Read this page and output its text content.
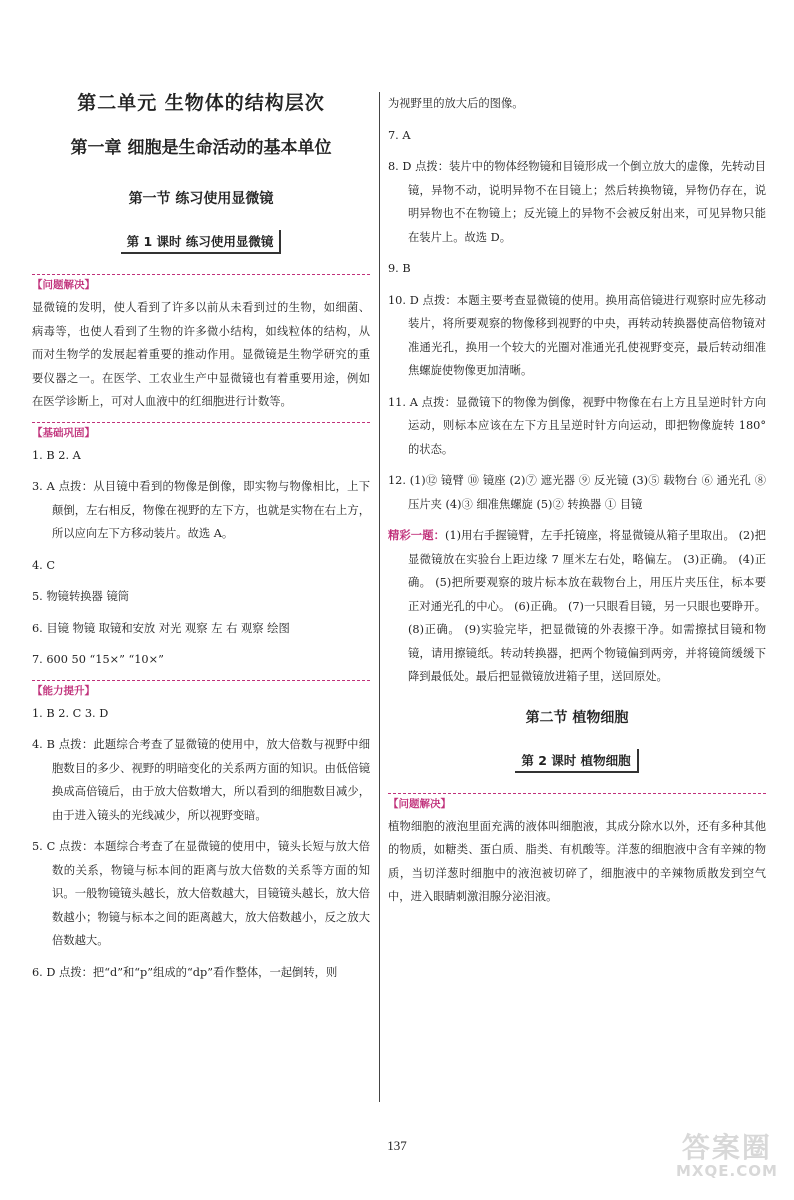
第二单元 生物体的结构层次
第一章 细胞是生命活动的基本单位
第一节 练习使用显微镜
第 1 课时 练习使用显微镜
【问题解决】

显微镜的发明，使人看到了许多以前从未看到过的生物，如细菌、病毒等，也使人看到了生物的许多微小结构，如线粒体的结构，从而对生物学的发展起着重要的推动作用。显微镜是生物学研究的重要仪器之一。在医学、工农业生产中显微镜也有着重要用途，例如在医学诊断上，可对人血液中的红细胞进行计数等。

【基础巩固】

1. B 2. A

3. A 点拨：从目镜中看到的物像是倒像，即实物与物像相比，上下颠倒，左右相反，物像在视野的左下方，也就是实物在右上方，所以应向左下方移动装片。故选 A。

4. C

5. 物镜转换器 镜筒

6. 目镜 物镜 取镜和安放 对光 观察 左 右 观察 绘图

7. 600 50 “15×” “10×”

【能力提升】

1. B 2. C 3. D

4. B 点拨：此题综合考查了显微镜的使用中，放大倍数与视野中细胞数目的多少、视野的明暗变化的关系两方面的知识。由低倍镜换成高倍镜后，由于放大倍数增大，所以看到的细胞数目减少，由于进入镜头的光线减少，所以视野变暗。

5. C 点拨：本题综合考查了在显微镜的使用中，镜头长短与放大倍数的关系，物镜与标本间的距离与放大倍数的关系等方面的知识。一般物镜镜头越长，放大倍数越大，目镜镜头越长，放大倍数越小；物镜与标本之间的距离越大，放大倍数越小，反之放大倍数越大。

6. D 点拨：把“d”和“p”组成的“dp”看作整体，一起倒转，则

为视野里的放大后的图像。

7. A

8. D 点拨：装片中的物体经物镜和目镜形成一个倒立放大的虚像，先转动目镜，异物不动，说明异物不在目镜上；然后转换物镜，异物仍存在，说明异物也不在物镜上；反光镜上的异物不会被反射出来，可见异物只能在装片上。故选 D。

9. B

10. D 点拨：本题主要考查显微镜的使用。换用高倍镜进行观察时应先移动装片，将所要观察的物像移到视野的中央，再转动转换器使高倍物镜对准通光孔，换用一个较大的光圈对准通光孔使视野变亮，最后转动细准焦螺旋使物像更加清晰。

11. A 点拨：显微镜下的物像为倒像，视野中物像在右上方且呈逆时针方向运动，则标本应该在左下方且呈逆时针方向运动，即把物像旋转 180° 的状态。

12. (1)⑫ 镜臂 ⑩ 镜座 (2)⑦ 遮光器 ⑨ 反光镜 (3)⑤ 载物台 ⑥ 通光孔 ⑧ 压片夹 (4)③ 细准焦螺旋 (5)② 转换器 ① 目镜

精彩一题：(1)用右手握镜臂，左手托镜座，将显微镜从箱子里取出。 (2)把显微镜放在实验台上距边缘 7 厘米左右处，略偏左。 (3)正确。 (4)正确。 (5)把所要观察的玻片标本放在载物台上，用压片夹压住，标本要正对通光孔的中心。 (6)正确。 (7)一只眼看目镜，另一只眼也要睁开。 (8)正确。 (9)实验完毕，把显微镜的外表擦干净。如需擦拭目镜和物镜，请用擦镜纸。转动转换器，把两个物镜偏到两旁，并将镜筒缓缓下降到最低处。最后把显微镜放进箱子里，送回原处。

第二节 植物细胞
第 2 课时 植物细胞
【问题解决】

植物细胞的液泡里面充满的液体叫细胞液，其成分除水以外，还有多种其他的物质，如糖类、蛋白质、脂类、有机酸等。洋葱的细胞液中含有辛辣的物质，当切洋葱时细胞中的液泡被切碎了，细胞液中的辛辣物质散发到空气中，进入眼睛刺激泪腺分泌泪液。

137	答案圈
MXQE.COM
